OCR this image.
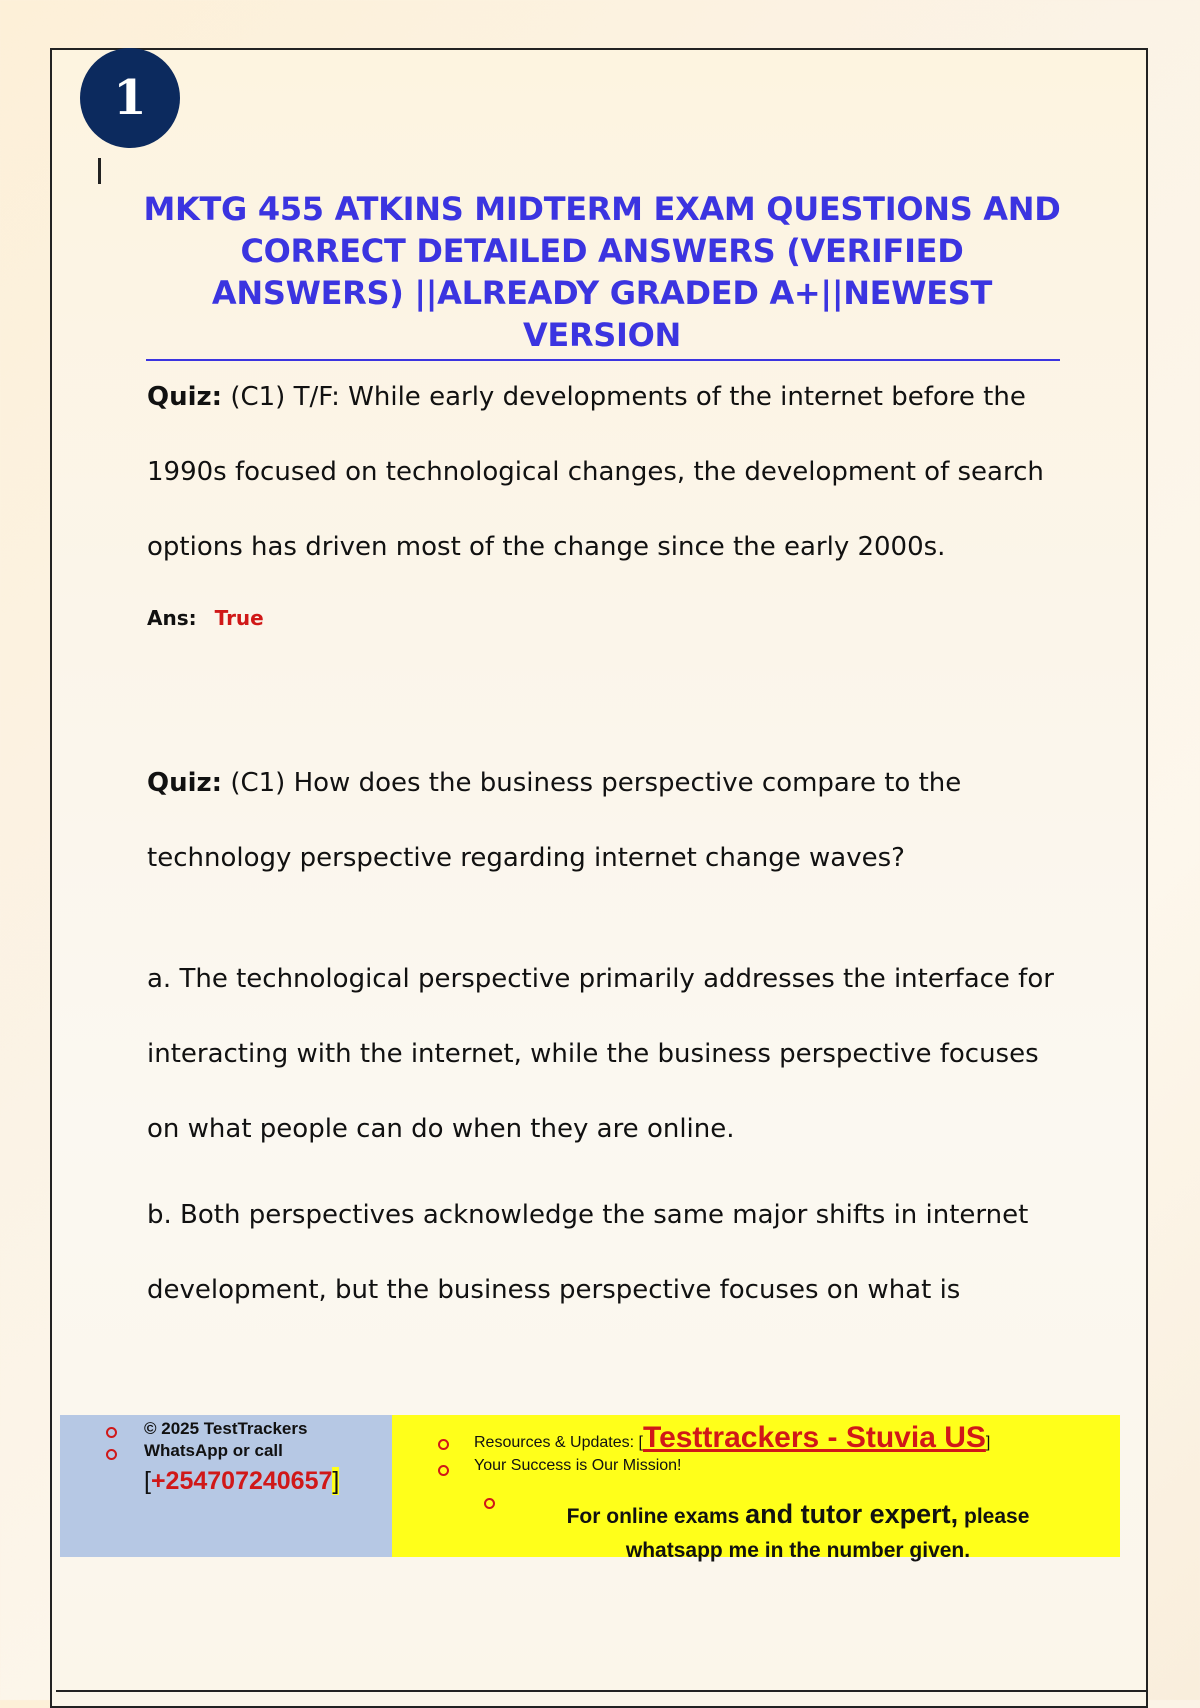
1
MKTG 455 ATKINS MIDTERM EXAM QUESTIONS AND CORRECT DETAILED ANSWERS (VERIFIED ANSWERS) ||ALREADY GRADED A+||NEWEST VERSION

Quiz: (C1) T/F: While early developments of the internet before the 1990s focused on technological changes, the development of search options has driven most of the change since the early 2000s.

Ans: True

Quiz: (C1) How does the business perspective compare to the technology perspective regarding internet change waves?

a. The technological perspective primarily addresses the interface for interacting with the internet, while the business perspective focuses on what people can do when they are online.

b. Both perspectives acknowledge the same major shifts in internet development, but the business perspective focuses on what is

© 2025 TestTrackers
WhatsApp or call
[+254707240657]
Resources & Updates: [Testtrackers - Stuvia US]
Your Success is Our Mission!
For online exams and tutor expert, please whatsapp me in the number given.
